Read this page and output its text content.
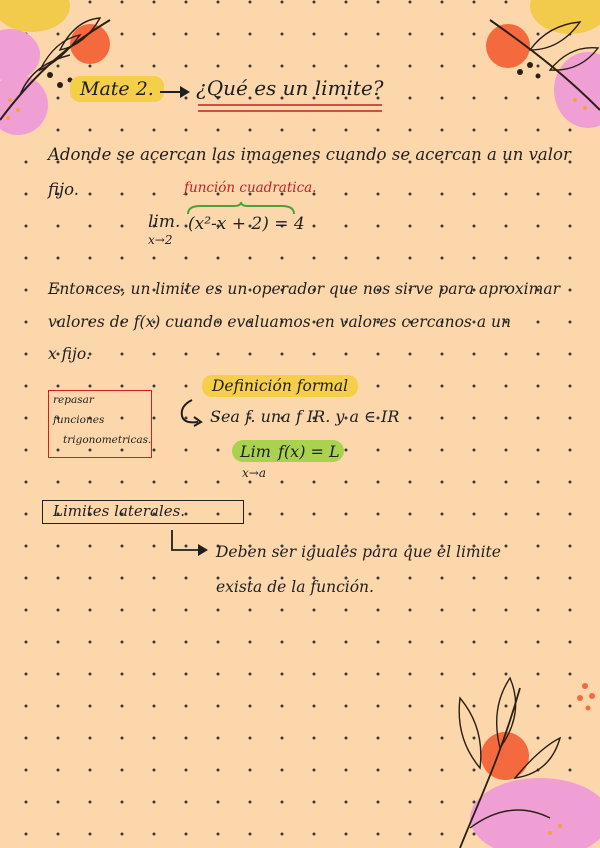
Mate 2.	¿Qué es un limite?
Adonde se acercan las imagenes cuando se acercan a un valor
fijo.	función cuadratica.
lim.
x→2
(x²-x + 2) = 4
Entonces, un limite es un operador que nos sirve para aproximar
valores de f(x) cuando evaluamos en valores cercanos a un
x fijo.
repasar
funciones
trigonometricas.
Definición formal
Sea f. una f IR. y a ∈ IR
Lim f(x) = L
x→a
Limites laterales.
Deben ser iguales para que el limite
exista de la función.
